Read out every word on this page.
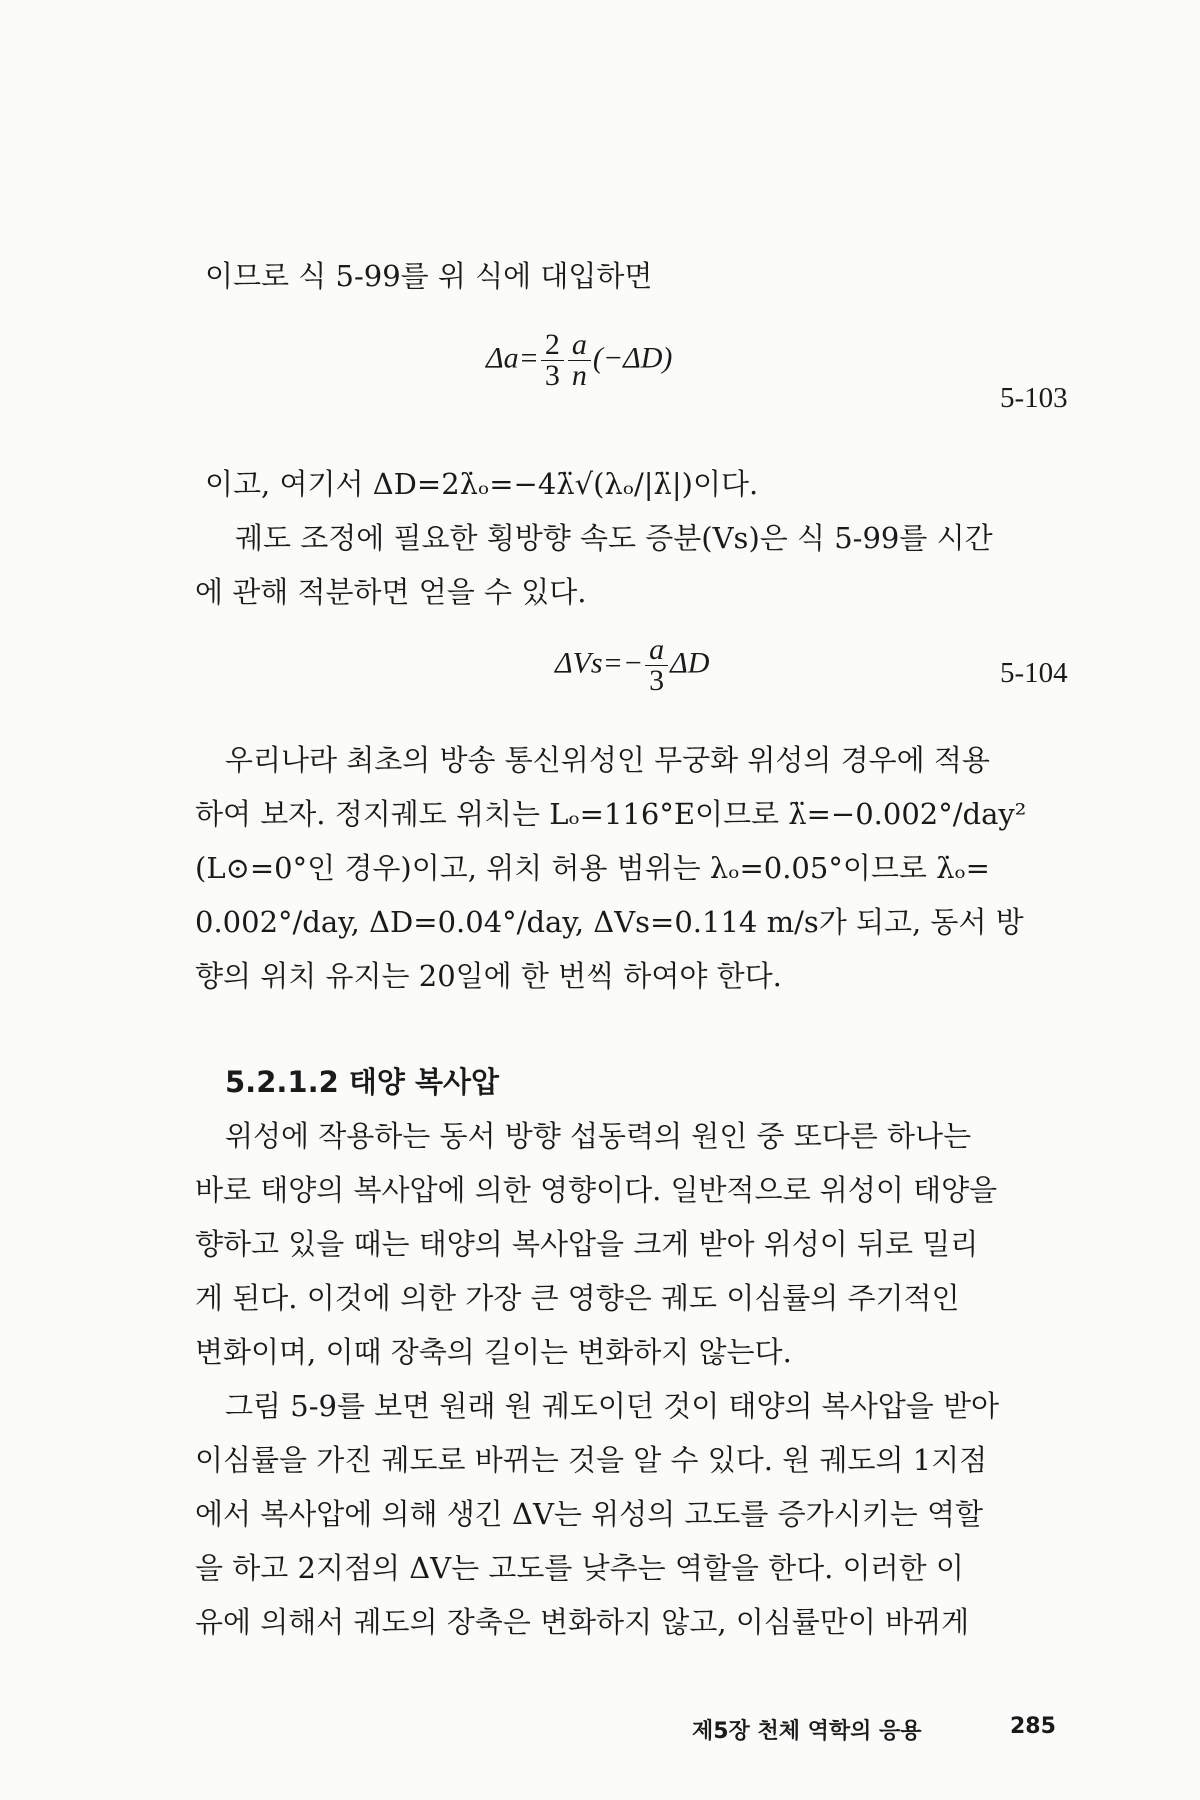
이므로 식 5-99를 위 식에 대입하면
$\Delta a= \frac{2}{3} \frac{a}{n} (-\Delta D)$
5-103
이고, 여기서 ΔD=2λ̇ₒ=−4λ̈√(λₒ/|λ̈|)이다.
궤도 조정에 필요한 횡방향 속도 증분(Vs)은 식 5-99를 시간
에 관해 적분하면 얻을 수 있다.
$\Delta Vs=- \frac{a}{3}$ ΔD	5-104
우리나라 최초의 방송 통신위성인 무궁화 위성의 경우에 적용
하여 보자. 정지궤도 위치는 Lₒ=116°E이므로 λ̈=−0.002°/day²
(L⊙=0°인 경우)이고, 위치 허용 범위는 λₒ=0.05°이므로 λ̇ₒ=
0.002°/day, ΔD=0.04°/day, ΔVs=0.114 m/s가 되고, 동서 방
향의 위치 유지는 20일에 한 번씩 하여야 한다.
5.2.1.2 태양 복사압
위성에 작용하는 동서 방향 섭동력의 원인 중 또다른 하나는
바로 태양의 복사압에 의한 영향이다. 일반적으로 위성이 태양을
향하고 있을 때는 태양의 복사압을 크게 받아 위성이 뒤로 밀리
게 된다. 이것에 의한 가장 큰 영향은 궤도 이심률의 주기적인
변화이며, 이때 장축의 길이는 변화하지 않는다.
그림 5-9를 보면 원래 원 궤도이던 것이 태양의 복사압을 받아
이심률을 가진 궤도로 바뀌는 것을 알 수 있다. 원 궤도의 1지점
에서 복사압에 의해 생긴 ΔV는 위성의 고도를 증가시키는 역할
을 하고 2지점의 ΔV는 고도를 낮추는 역할을 한다. 이러한 이
유에 의해서 궤도의 장축은 변화하지 않고, 이심률만이 바뀌게
제5장 천체 역학의 응용	285
